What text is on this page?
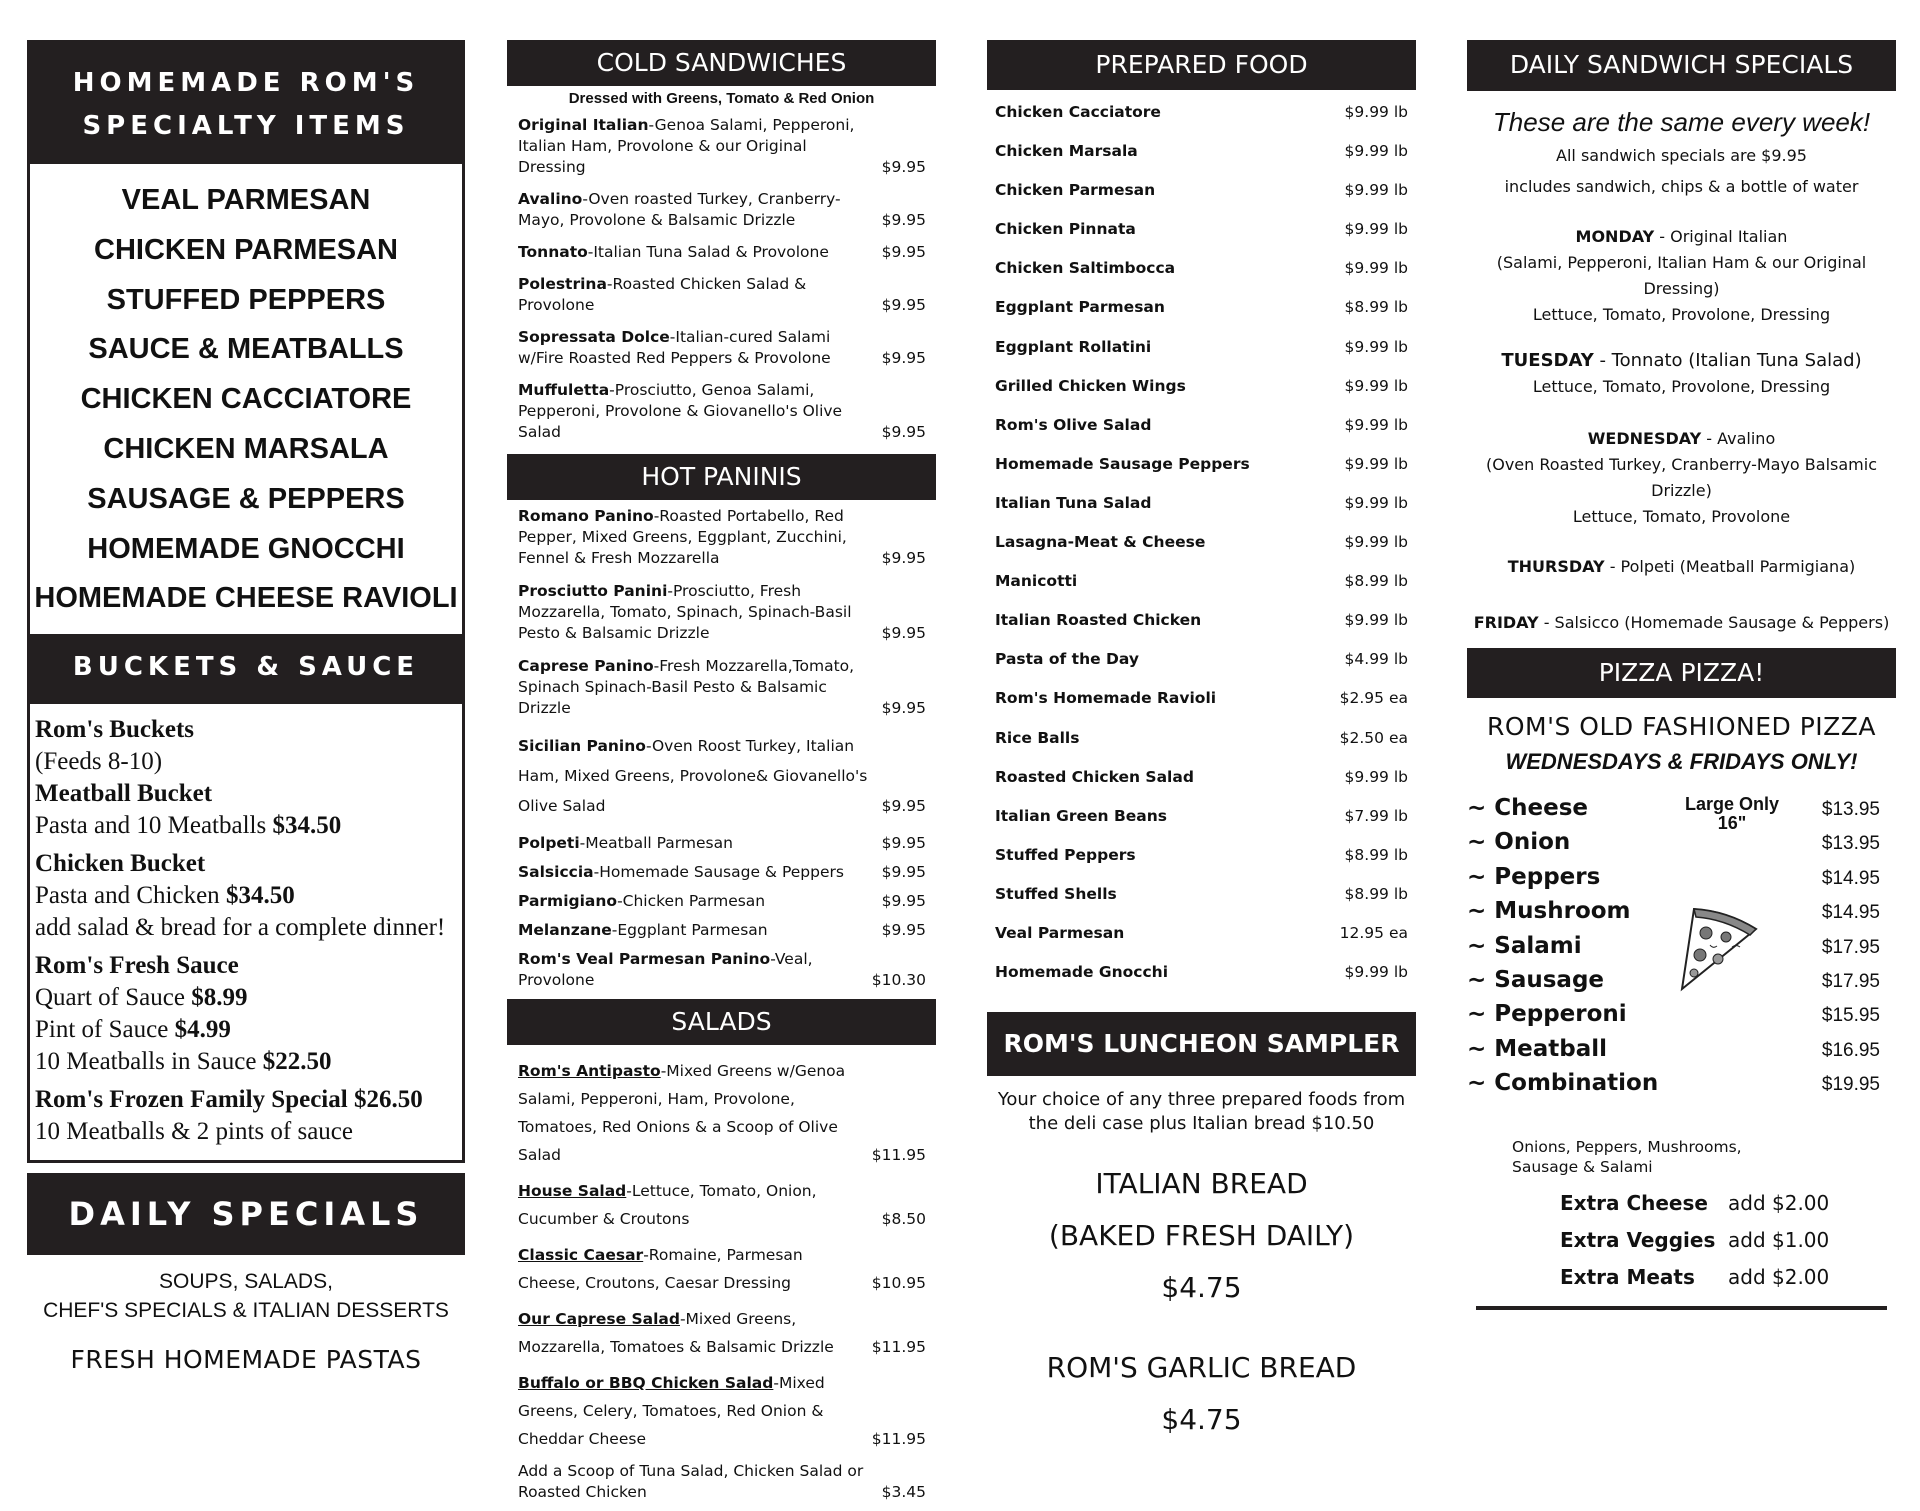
HOMEMADE ROM'S
SPECIALTY ITEMS
VEAL PARMESAN
CHICKEN PARMESAN
STUFFED PEPPERS
SAUCE & MEATBALLS
CHICKEN CACCIATORE
CHICKEN MARSALA
SAUSAGE & PEPPERS
HOMEMADE GNOCCHI
HOMEMADE CHEESE RAVIOLI
BUCKETS & SAUCE
Rom's Buckets
(Feeds 8-10)
Meatball Bucket
Pasta and 10 Meatballs $34.50
Chicken Bucket
Pasta and Chicken $34.50
add salad & bread for a complete dinner!
Rom's Fresh Sauce
Quart of Sauce $8.99
Pint of Sauce $4.99
10 Meatballs in Sauce $22.50
Rom's Frozen Family Special $26.50
10 Meatballs & 2 pints of sauce
DAILY SPECIALS
SOUPS, SALADS,
CHEF'S SPECIALS & ITALIAN DESSERTS
FRESH HOMEMADE PASTAS
COLD SANDWICHES
Dressed with Greens, Tomato & Red Onion
Original Italian-Genoa Salami, Pepperoni, Italian Ham, Provolone & our Original Dressing	$9.95
Avalino-Oven roasted Turkey, Cranberry- Mayo, Provolone & Balsamic Drizzle	$9.95
Tonnato-Italian Tuna Salad & Provolone	$9.95
Polestrina-Roasted Chicken Salad & Provolone	$9.95
Sopressata Dolce-Italian-cured Salami w/Fire Roasted Red Peppers & Provolone	$9.95
Muffuletta-Prosciutto, Genoa Salami, Pepperoni, Provolone & Giovanello's Olive Salad	$9.95
HOT PANINIS
Romano Panino-Roasted Portabello, Red Pepper, Mixed Greens, Eggplant, Zucchini, Fennel & Fresh Mozzarella	$9.95
Prosciutto Panini-Prosciutto, Fresh Mozzarella, Tomato, Spinach, Spinach-Basil Pesto & Balsamic Drizzle	$9.95
Caprese Panino-Fresh Mozzarella,Tomato, Spinach Spinach-Basil Pesto & Balsamic Drizzle	$9.95
Sicilian Panino-Oven Roost Turkey, Italian Ham, Mixed Greens, Provolone& Giovanello's Olive Salad	$9.95
Polpeti-Meatball Parmesan	$9.95
Salsiccia-Homemade Sausage & Peppers	$9.95
Parmigiano-Chicken Parmesan	$9.95
Melanzane-Eggplant Parmesan	$9.95
Rom's Veal Parmesan Panino-Veal, Provolone	$10.30
SALADS
Rom's Antipasto-Mixed Greens w/Genoa Salami, Pepperoni, Ham, Provolone, Tomatoes, Red Onions & a Scoop of Olive Salad	$11.95
House Salad-Lettuce, Tomato, Onion, Cucumber & Croutons	$8.50
Classic Caesar-Romaine, Parmesan Cheese, Croutons, Caesar Dressing	$10.95
Our Caprese Salad-Mixed Greens, Mozzarella, Tomatoes & Balsamic Drizzle	$11.95
Buffalo or BBQ Chicken Salad-Mixed Greens, Celery, Tomatoes, Red Onion & Cheddar Cheese	$11.95
Add a Scoop of Tuna Salad, Chicken Salad or Roasted Chicken	$3.45
PREPARED FOOD
Chicken Cacciatore	$9.99 lb
Chicken Marsala	$9.99 lb
Chicken Parmesan	$9.99 lb
Chicken Pinnata	$9.99 lb
Chicken Saltimbocca	$9.99 lb
Eggplant Parmesan	$8.99 lb
Eggplant Rollatini	$9.99 lb
Grilled Chicken Wings	$9.99 lb
Rom's Olive Salad	$9.99 lb
Homemade Sausage Peppers	$9.99 lb
Italian Tuna Salad	$9.99 lb
Lasagna-Meat & Cheese	$9.99 lb
Manicotti	$8.99 lb
Italian Roasted Chicken	$9.99 lb
Pasta of the Day	$4.99 lb
Rom's Homemade Ravioli	$2.95 ea
Rice Balls	$2.50 ea
Roasted Chicken Salad	$9.99 lb
Italian Green Beans	$7.99 lb
Stuffed Peppers	$8.99 lb
Stuffed Shells	$8.99 lb
Veal Parmesan	12.95 ea
Homemade Gnocchi	$9.99 lb
ROM'S LUNCHEON SAMPLER
Your choice of any three prepared foods from
the deli case plus Italian bread $10.50
ITALIAN BREAD
(BAKED FRESH DAILY)
$4.75
ROM'S GARLIC BREAD
$4.75
DAILY SANDWICH SPECIALS
These are the same every week!
All sandwich specials are $9.95
includes sandwich, chips & a bottle of water
MONDAY - Original Italian
(Salami, Pepperoni, Italian Ham & our Original Dressing)
Lettuce, Tomato, Provolone, Dressing
TUESDAY - Tonnato (Italian Tuna Salad)
Lettuce, Tomato, Provolone, Dressing
WEDNESDAY - Avalino
(Oven Roasted Turkey, Cranberry-Mayo Balsamic Drizzle)
Lettuce, Tomato, Provolone
THURSDAY - Polpeti (Meatball Parmigiana)
FRIDAY - Salsicco (Homemade Sausage & Peppers)
PIZZA PIZZA!
ROM'S OLD FASHIONED PIZZA
WEDNESDAYS & FRIDAYS ONLY!
Large Only
16"
~ Cheese	$13.95
~ Onion	$13.95
~ Peppers	$14.95
~ Mushroom	$14.95
~ Salami	$17.95
~ Sausage	$17.95
~ Pepperoni	$15.95
~ Meatball	$16.95
~ Combination	$19.95
Onions, Peppers, Mushrooms,
Sausage & Salami
Extra Cheese	add $2.00
Extra Veggies add $1.00
Extra Meats	add $2.00
